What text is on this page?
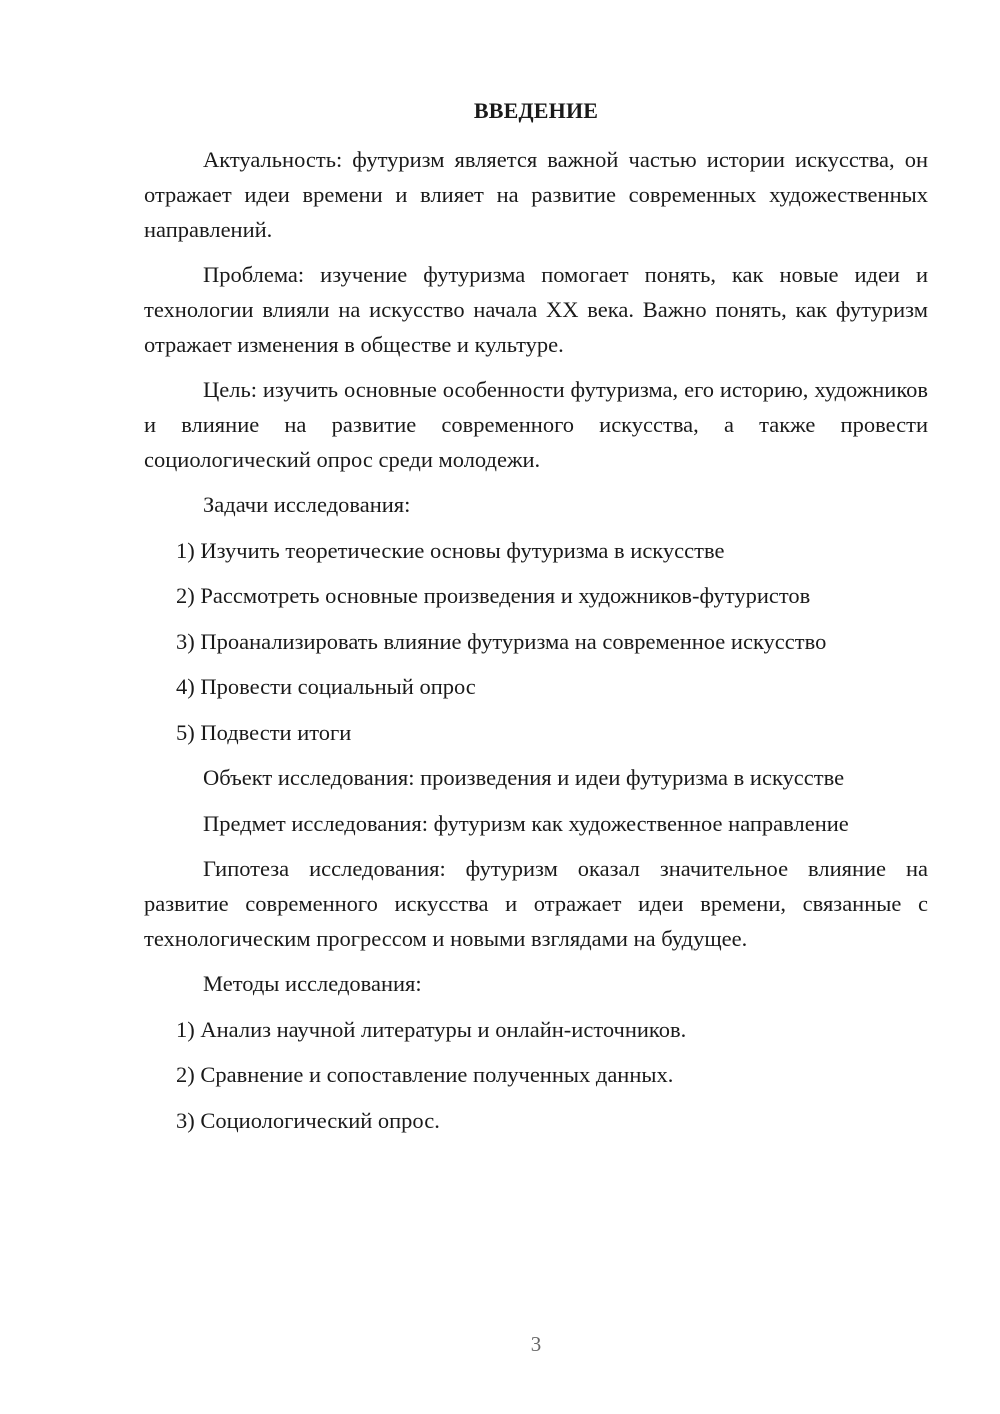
ВВЕДЕНИЕ

Актуальность: футуризм является важной частью истории искусства, он отражает идеи времени и влияет на развитие современных художественных направлений.

Проблема: изучение футуризма помогает понять, как новые идеи и технологии влияли на искусство начала XX века. Важно понять, как футуризм отражает изменения в обществе и культуре.

Цель: изучить основные особенности футуризма, его историю, художников и влияние на развитие современного искусства, а также провести социологический опрос среди молодежи.

Задачи исследования:
1) Изучить теоретические основы футуризма в искусстве
2) Рассмотреть основные произведения и художников-футуристов
3) Проанализировать влияние футуризма на современное искусство
4) Провести социальный опрос
5) Подвести итоги
Объект исследования: произведения и идеи футуризма в искусстве
Предмет исследования: футуризм как художественное направление

Гипотеза исследования: футуризм оказал значительное влияние на развитие современного искусства и отражает идеи времени, связанные с технологическим прогрессом и новыми взглядами на будущее.

Методы исследования:
1) Анализ научной литературы и онлайн-источников.
2) Сравнение и сопоставление полученных данных.
3) Социологический опрос.
3
